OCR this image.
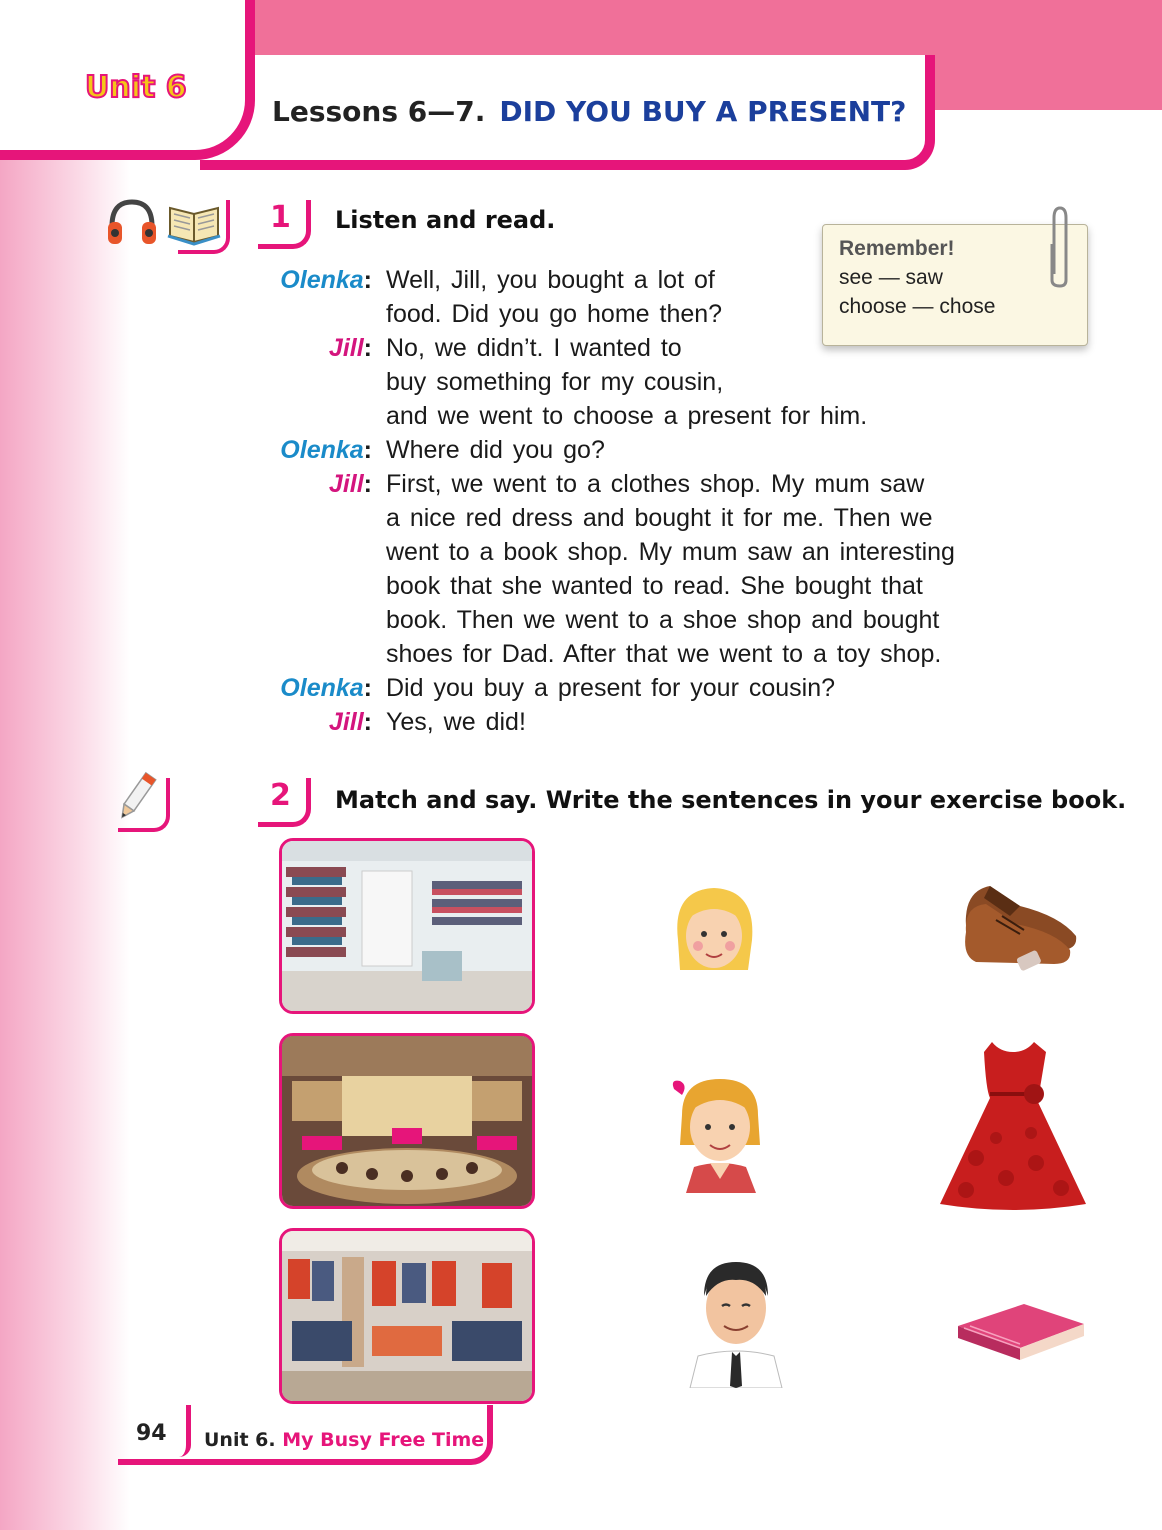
Unit 6
Lessons 6—7. DID YOU BUY A PRESENT?
1 Listen and read.
Remember!
see — saw
choose — chose
Olenka: Well, Jill, you bought a lot of
food. Did you go home then?
Jill: No, we didn’t. I wanted to
buy something for my cousin,
and we went to choose a present for him.
Olenka: Where did you go?
Jill: First, we went to a clothes shop. My mum saw
a nice red dress and bought it for me. Then we
went to a book shop. My mum saw an interesting
book that she wanted to read. She bought that
book. Then we went to a shoe shop and bought
shoes for Dad. After that we went to a toy shop.
Olenka: Did you buy a present for your cousin?
Jill: Yes, we did!
2 Match and say. Write the sentences in your exercise book.
94 Unit 6. My Busy Free Time
